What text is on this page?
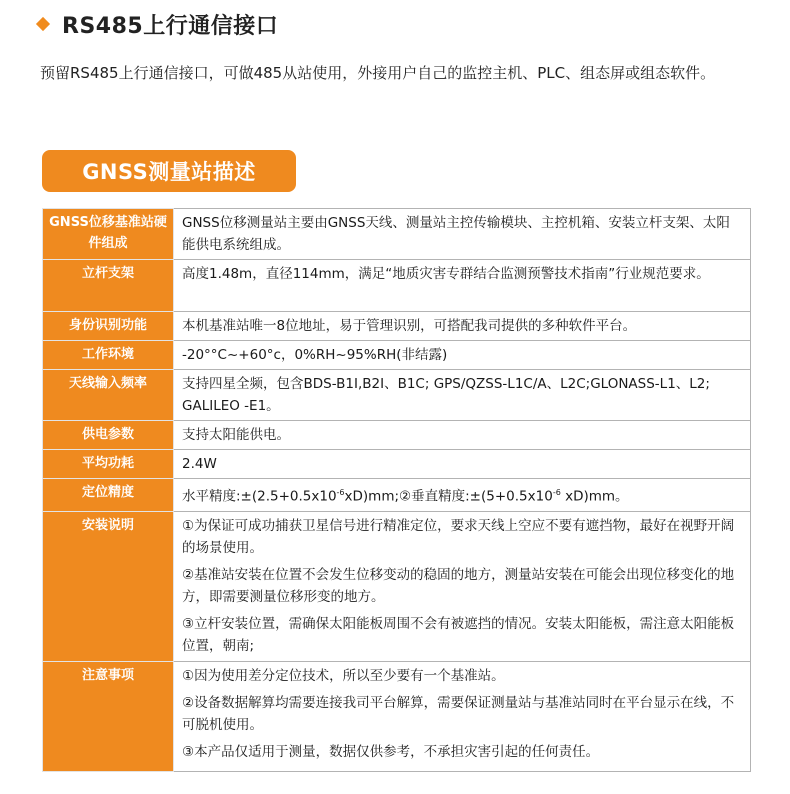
RS485上行通信接口
预留RS485上行通信接口，可做485从站使用，外接用户自己的监控主机、PLC、组态屏或组态软件。
GNSS测量站描述
GNSS位移基准站硬件组成	GNSS位移测量站主要由GNSS天线、测量站主控传输模块、主控机箱、安装立杆支架、太阳能供电系统组成。
立杆支架	高度1.48m，直径114mm，满足“地质灾害专群结合监测预警技术指南”行业规范要求。
身份识别功能	本机基准站唯一8位地址，易于管理识别，可搭配我司提供的多种软件平台。
工作环境	-20°°C~+60°c，0%RH~95%RH(非结露)
天线输入频率	支持四星全频，包含BDS-B1I,B2I、B1C; GPS/QZSS-L1C/A、L2C;GLONASS-L1、L2; GALILEO -E1。
供电参数	支持太阳能供电。
平均功耗	2.4W
定位精度	水平精度$:\pm(2.5+0.5x10^{-6}xD)mm;②$垂直精度$:\pm(5+0.5x10^{-6}$ xD)mm。
安装说明	①为保证可成功捕获卫星信号进行精准定位，要求天线上空应不要有遮挡物，最好在视野开阔的场景使用。
②基准站安装在位置不会发生位移变动的稳固的地方，测量站安装在可能会出现位移变化的地方，即需要测量位移形变的地方。
③立杆安装位置，需确保太阳能板周围不会有被遮挡的情况。安装太阳能板，需注意太阳能板位置，朝南;

注意事项	①因为使用差分定位技术，所以至少要有一个基准站。
②设备数据解算均需要连接我司平台解算，需要保证测量站与基准站同时在平台显示在线，不可脱机使用。
③本产品仅适用于测量，数据仅供参考，不承担灾害引起的任何责任。
